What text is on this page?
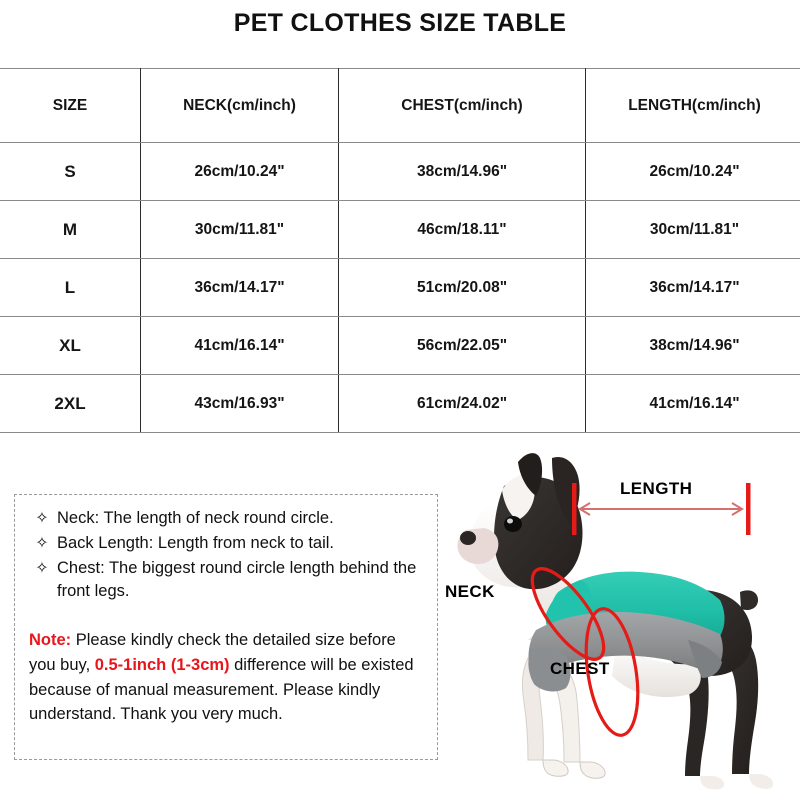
PET CLOTHES SIZE TABLE
SIZE	NECK(cm/inch)	CHEST(cm/inch)	LENGTH(cm/inch)
S	26cm/10.24"	38cm/14.96"	26cm/10.24"
M	30cm/11.81"	46cm/18.11"	30cm/11.81"
L	36cm/14.17"	51cm/20.08"	36cm/14.17"
XL	41cm/16.14"	56cm/22.05"	38cm/14.96"
2XL	43cm/16.93"	61cm/24.02"	41cm/16.14"
✧ Neck: The length of neck round circle.
✧ Back Length: Length from neck to tail.
✧ Chest: The biggest round circle length behind the front legs.
Note: Please kindly check the detailed size before you buy, 0.5-1inch (1-3cm) difference will be existed because of manual measurement. Please kindly understand. Thank you very much.
LENGTH
NECK
CHEST
